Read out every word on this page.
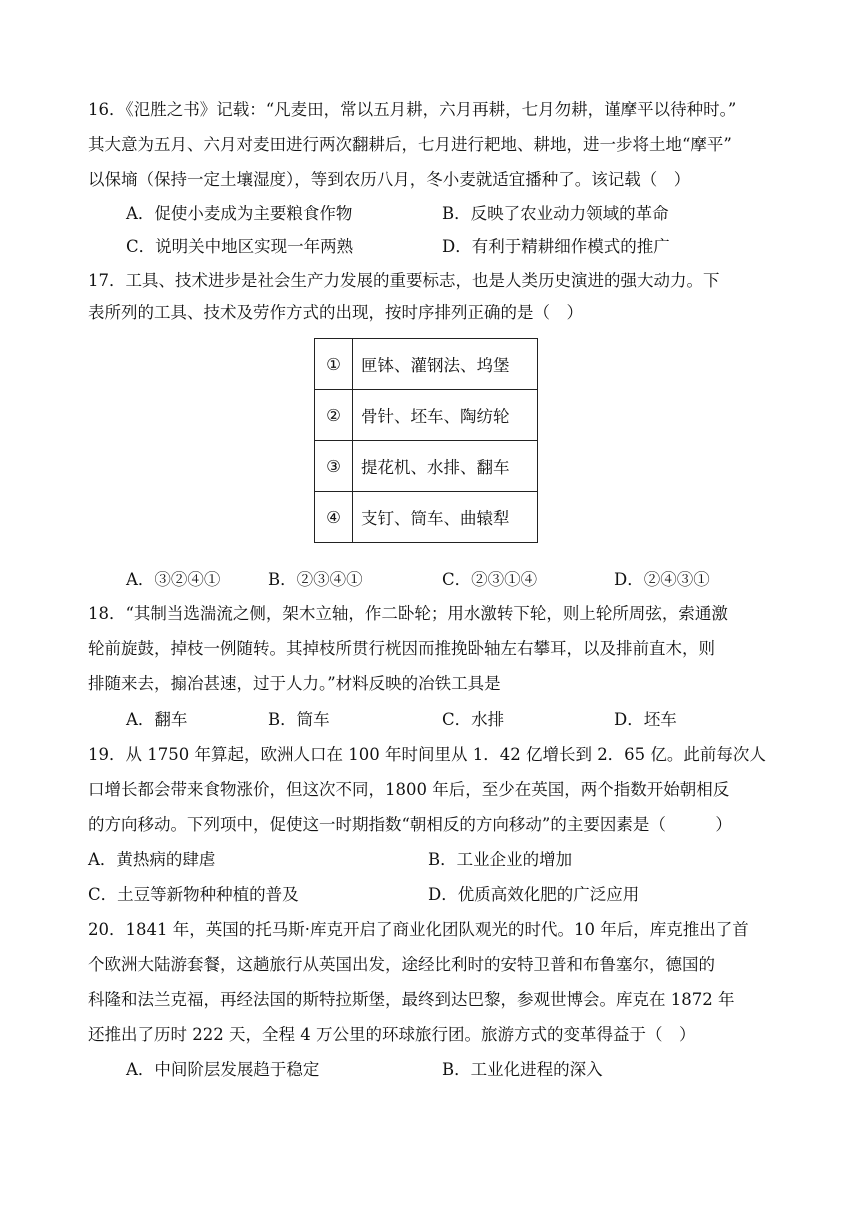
16．《氾胜之书》记载：“凡麦田，常以五月耕，六月再耕，七月勿耕，谨摩平以待种时。”
其大意为五月、六月对麦田进行两次翻耕后，七月进行耙地、耕地，进一步将土地“摩平”
以保墒（保持一定土壤湿度），等到农历八月，冬小麦就适宜播种了。该记载（　）
A．促使小麦成为主要粮食作物	B．反映了农业动力领域的革命
C．说明关中地区实现一年两熟	D．有利于精耕细作模式的推广
17．工具、技术进步是社会生产力发展的重要标志，也是人类历史演进的强大动力。下
表所列的工具、技术及劳作方式的出现，按时序排列正确的是（　）
①	匣钵、灌钢法、坞堡
②	骨针、坯车、陶纺轮
③	提花机、水排、翻车
④	支钉、筒车、曲辕犁
A．③②④①	B．②③④①	C．②③①④	D．②④③①
18．“其制当选湍流之侧，架木立轴，作二卧轮；用水激转下轮，则上轮所周弦，索通激
轮前旋鼓，掉枝一例随转。其掉枝所贯行桄因而推挽卧轴左右攀耳，以及排前直木，则
排随来去，搧冶甚速，过于人力。”材料反映的冶铁工具是
A．翻车	B．筒车	C．水排	D．坯车
19．从 1750 年算起，欧洲人口在 100 年时间里从 1．42 亿增长到 2．65 亿。此前每次人
口增长都会带来食物涨价，但这次不同，1800 年后，至少在英国，两个指数开始朝相反
的方向移动。下列项中，促使这一时期指数“朝相反的方向移动”的主要因素是（　　　）
A．黄热病的肆虐	B．工业企业的增加
C．土豆等新物种种植的普及	D．优质高效化肥的广泛应用
20．1841 年，英国的托马斯·库克开启了商业化团队观光的时代。10 年后，库克推出了首
个欧洲大陆游套餐，这趟旅行从英国出发，途经比利时的安特卫普和布鲁塞尔，德国的
科隆和法兰克福，再经法国的斯特拉斯堡，最终到达巴黎，参观世博会。库克在 1872 年
还推出了历时 222 天，全程 4 万公里的环球旅行团。旅游方式的变革得益于（　）
A．中间阶层发展趋于稳定	B．工业化进程的深入
